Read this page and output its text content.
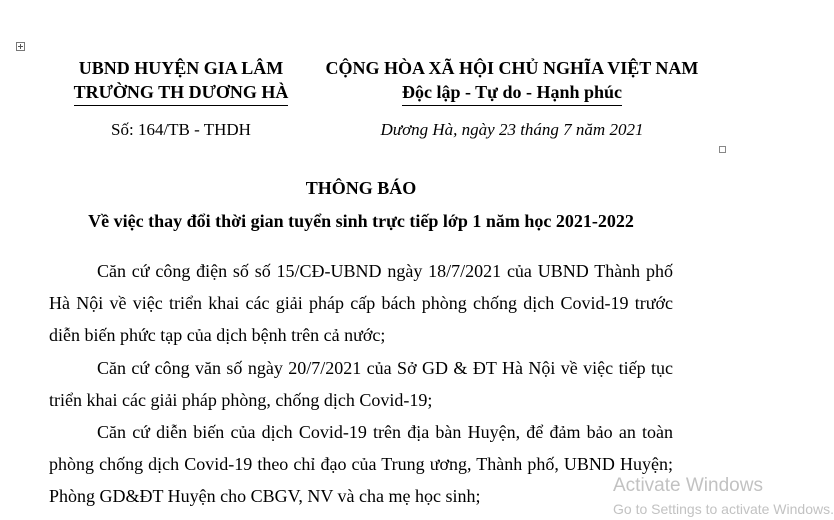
UBND HUYỆN GIA LÂM
TRƯỜNG TH DƯƠNG HÀ
CỘNG HÒA XÃ HỘI CHỦ NGHĨA VIỆT NAM
Độc lập - Tự do - Hạnh phúc
Số: 164/TB - THDH	Dương Hà, ngày 23 tháng 7 năm 2021
THÔNG BÁO
Về việc thay đổi thời gian tuyển sinh trực tiếp lớp 1 năm học 2021-2022
Căn cứ công điện số số 15/CĐ-UBND ngày 18/7/2021 của UBND Thành phố Hà Nội về việc triển khai các giải pháp cấp bách phòng chống dịch Covid-19 trước diễn biến phức tạp của dịch bệnh trên cả nước;
Căn cứ công văn số ngày 20/7/2021 của Sở GD & ĐT Hà Nội về việc tiếp tục triển khai các giải pháp phòng, chống dịch Covid-19;
Căn cứ diễn biến của dịch Covid-19 trên địa bàn Huyện, để đảm bảo an toàn phòng chống dịch Covid-19 theo chỉ đạo của Trung ương, Thành phố, UBND Huyện; Phòng GD&ĐT Huyện cho CBGV, NV và cha mẹ học sinh;	Activate Windows
Go to Settings to activate Windows.
